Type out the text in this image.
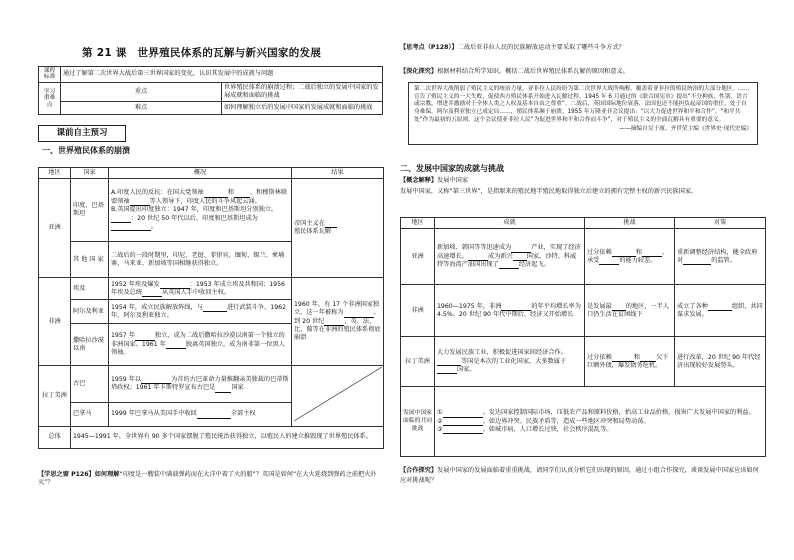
第 21 课　世界殖民体系的瓦解与新兴国家的发展
课程标准	通过了解第二次世界大战后第三世界国家的变化，认识其发展中的成就与问题	
学习重难点	重点	世界殖民体系的崩溃过程；二战后独立的发展中国家的发展成就和面临的挑战
	难点	如何理解独立后的发展中国家的发展成就和面临的挑战
课前自主预习
一、世界殖民体系的崩溃
地区	国家	概况	结果
亚洲	印度、巴基斯坦	A.印度人民的反抗：在国大党领袖 和 、和穆斯林联盟领袖 等人领导下，印度人民的斗争风起云涌。
B.英国提出印度独立：1947 年，印度和巴基斯坦分别独立。：20 世纪 50 年代以后，印度和巴基斯坦成为。	帝国主义在
殖民体系瓦解
	其 他 国 家	二战后的一段时期里，印尼、老挝、菲律宾、缅甸、锡兰、柬埔寨、马来亚、新加坡等国相继获得独立。	
非洲	埃及	1952 年埃及爆发 ：1953 年成立埃及共和国；1956 年埃及总统 从英国人手中收回主权。	1960 年，有 17 个非洲国家独立，这一年被称为 。到 20 世纪 ，英、法、比、葡等在非洲的殖民体系彻底崩溃
	阿尔及利亚	1954 年，成立民族解放阵线，与 进行武装斗争，1962 年，阿尔及利亚独立。	
	撒哈拉沙漠以南	1957 年 独立，成为二战后撒哈拉沙漠以南第一个独立的非洲国家。1961 年 脱离英国独立，成为南非第一位黑人领袖。	
拉丁美洲	古巴	1959 年以 为首的古巴革命力量推翻亲美独裁的巴蒂斯塔政权；1961 年卡斯特罗宣布古巴是 国家	
	巴拿马	1999 年巴拿马从美国手中收回 全部主权	
总体	1945—1991 年，全世界有 90 多个国家摆脱了殖民统治获得独立，以殖民人的建立推毁现了世界殖民体系。		
【学思之窗 P126】如何理解“印度是一艘装中满载弹药而在大洋中着了火的船”？英国是如何“在大火延烧到弹药之前把火扑灭”？
【思考点（P128）】二战后亚非拉人民的民族解放运动主要采取了哪些斗争方式？
【深化探究】根据材料结合所学知识，概括二战后世界殖民体系瓦解的原因和意义。
第二次世界大战削弱了殖民主义的统治力量，亚非拉人民纷纷为第二次世界大战所唤醒，覆盖着亚非拉的殖民统治的大部分地区。……宣告了殖民主义的一大失败，促使西方殖民体系开始进入瓦解过程。1945 年 6 月通过的《联合国宪章》提出“不分种族、性别、语言或宗教，增进并激励对于全体人类之人权及基本自由之尊重”。二战后，英国国际地位衰落，法国也还不能担负起帝国的重任，处于自身难保。阿尔及利亚独立已成定局……，殖民体系濒于崩溃。1955 年万隆亚非会议提出：“以大力促进世界和平和合作”。“和平共处”作为最初的五原则。这个会议使亚非拉人民“为促进世界和平和合作而斗争”，对于殖民主义的全面瓦解具有重要的意义。
——摘编自吴于廑、齐世荣主编《世界史·现代史编》
二、发展中国家的成就与挑战
【概念解释】发展中国家
发展中国家，又称“第三世界”，是指原来的殖民地半殖民地取得独立后建立的拥有完整主权的新兴民族国家。
地区	成就	挑战	对策
亚洲	新加坡、韩国等等迅速成为 产业，实现了经济高速增长。 成为新兴 国家，沙特、科威特等海湾产油国出现了 经济起飞。	过分依赖 和 、承受 的能力较差。	重新调整经济结构，健全政府对 的监管。
非洲	1960—1975 年，非洲 的年平均增长率为 4.5%。20 世纪 90 年代中期后，经济又开始增长	是发展最 的地区，一半人口仍生活在贫困线下	成立了各种 组织，共同谋求发展。
拉丁美洲	大力发展民族工业，积极促进国家间经济合作。等国是本次的工业化国家，大多数属于国家。	过分依赖 和 欠下巨额外债，爆发债务危机。	进行改革，20 世纪 90 年代经济出现较好发展势头。
发展中国家面临的共同挑战	① 。发达国家控制国际市场，压低农产品和原料价格，抬高工业品价格，损害广大发展中国家的利益。
② 。如边界冲突、民族矛盾等，造成一些地区冲突和局势动荡。
③ 。如城市病，人口增长过快，社会秩序混乱等。		
【合作探究】发展中国家的发展面临着重重挑战，请同学们认真分析它们出现的原因，通过小组合作探究，谈谈发展中国家应该如何应对挑战呢？
